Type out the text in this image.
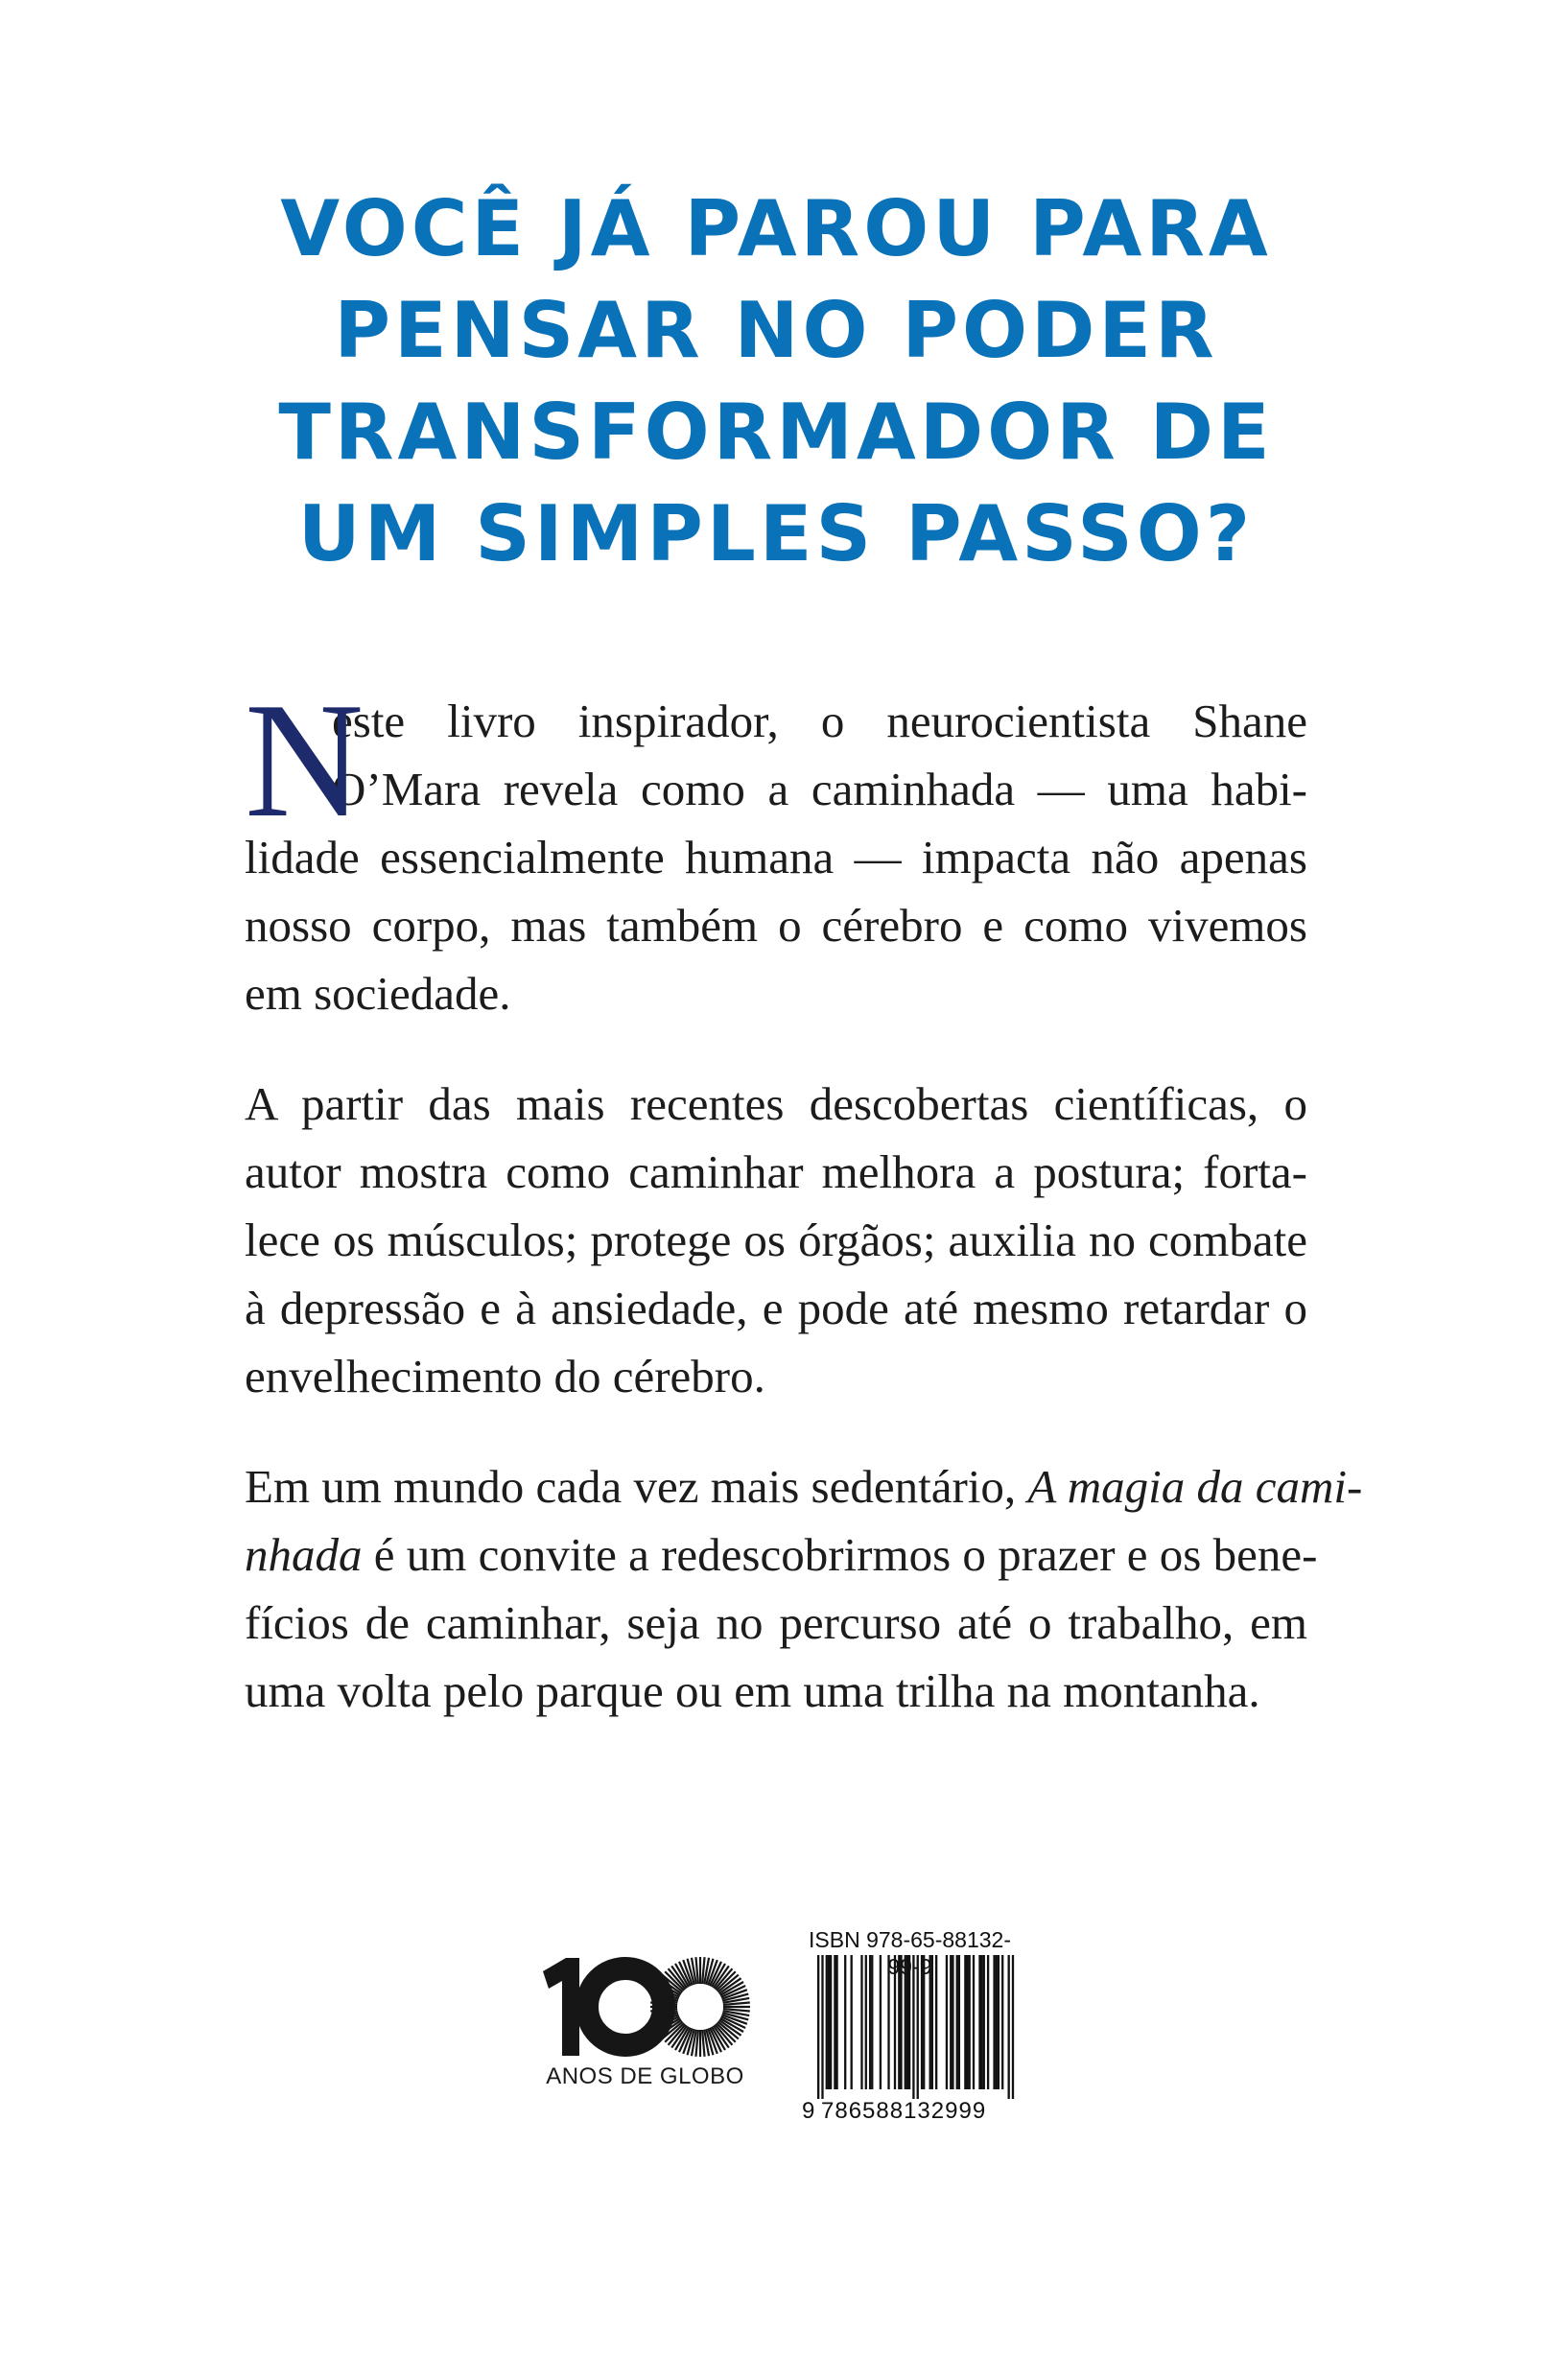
VOCÊ JÁ PAROU PARA
PENSAR NO PODER
TRANSFORMADOR DE
UM SIMPLES PASSO?
N
este livro inspirador, o neurocientista Shane
O’Mara revela como a caminhada — uma habi-
lidade essencialmente humana — impacta não apenas
nosso corpo, mas também o cérebro e como vivemos
em sociedade.
A partir das mais recentes descobertas científicas, o
autor mostra como caminhar melhora a postura; forta-
lece os músculos; protege os órgãos; auxilia no combate
à depressão e à ansiedade, e pode até mesmo retardar o
envelhecimento do cérebro.
Em um mundo cada vez mais sedentário, A magia da cami-
nhada é um convite a redescobrirmos o prazer e os bene-
fícios de caminhar, seja no percurso até o trabalho, em
uma volta pelo parque ou em uma trilha na montanha.
ANOS DE GLOBO
ISBN 978-65-88132- 9-9
9 786588132999
